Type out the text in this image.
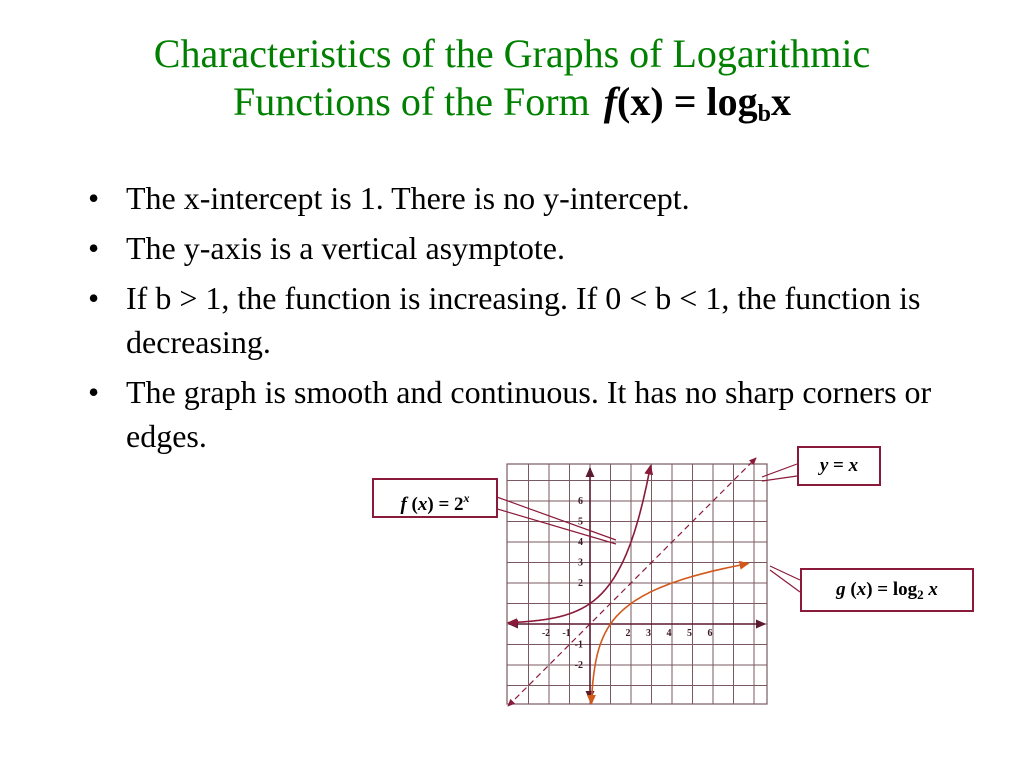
Characteristics of the Graphs of Logarithmic
Functions of the Form $f(x) = \log_bx$
• The x-intercept is 1. There is no y-intercept.
• The y-axis is a vertical asymptote.
• If b > 1, the function is increasing. If 0 < b < 1, the function is decreasing.
• The graph is smooth and continuous. It has no sharp corners or edges.
-2 -1	2 3 4 5 6
6
5
4
3
2
-1
-2
y = x
f $(x) = 2^x$
g $(x) = \log_2 x$
